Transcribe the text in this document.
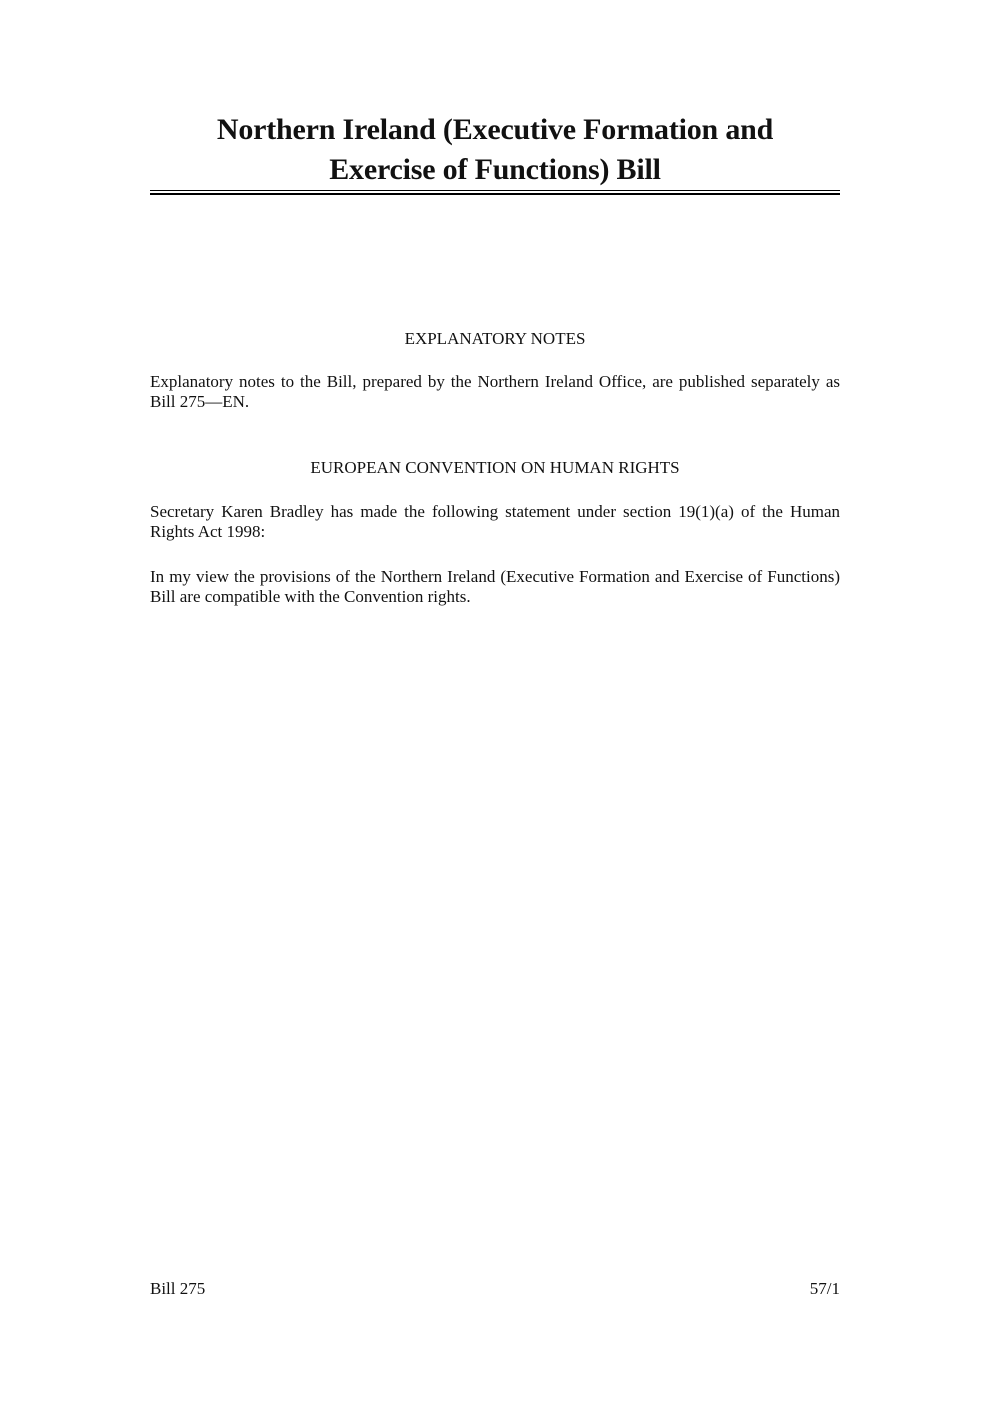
Northern Ireland (Executive Formation and
Exercise of Functions) Bill
EXPLANATORY NOTES

Explanatory notes to the Bill, prepared by the Northern Ireland Office, are published separately as Bill 275—EN.

EUROPEAN CONVENTION ON HUMAN RIGHTS

Secretary Karen Bradley has made the following statement under section 19(1)(a) of the Human Rights Act 1998:

In my view the provisions of the Northern Ireland (Executive Formation and Exercise of Functions) Bill are compatible with the Convention rights.

Bill 275	57/1
